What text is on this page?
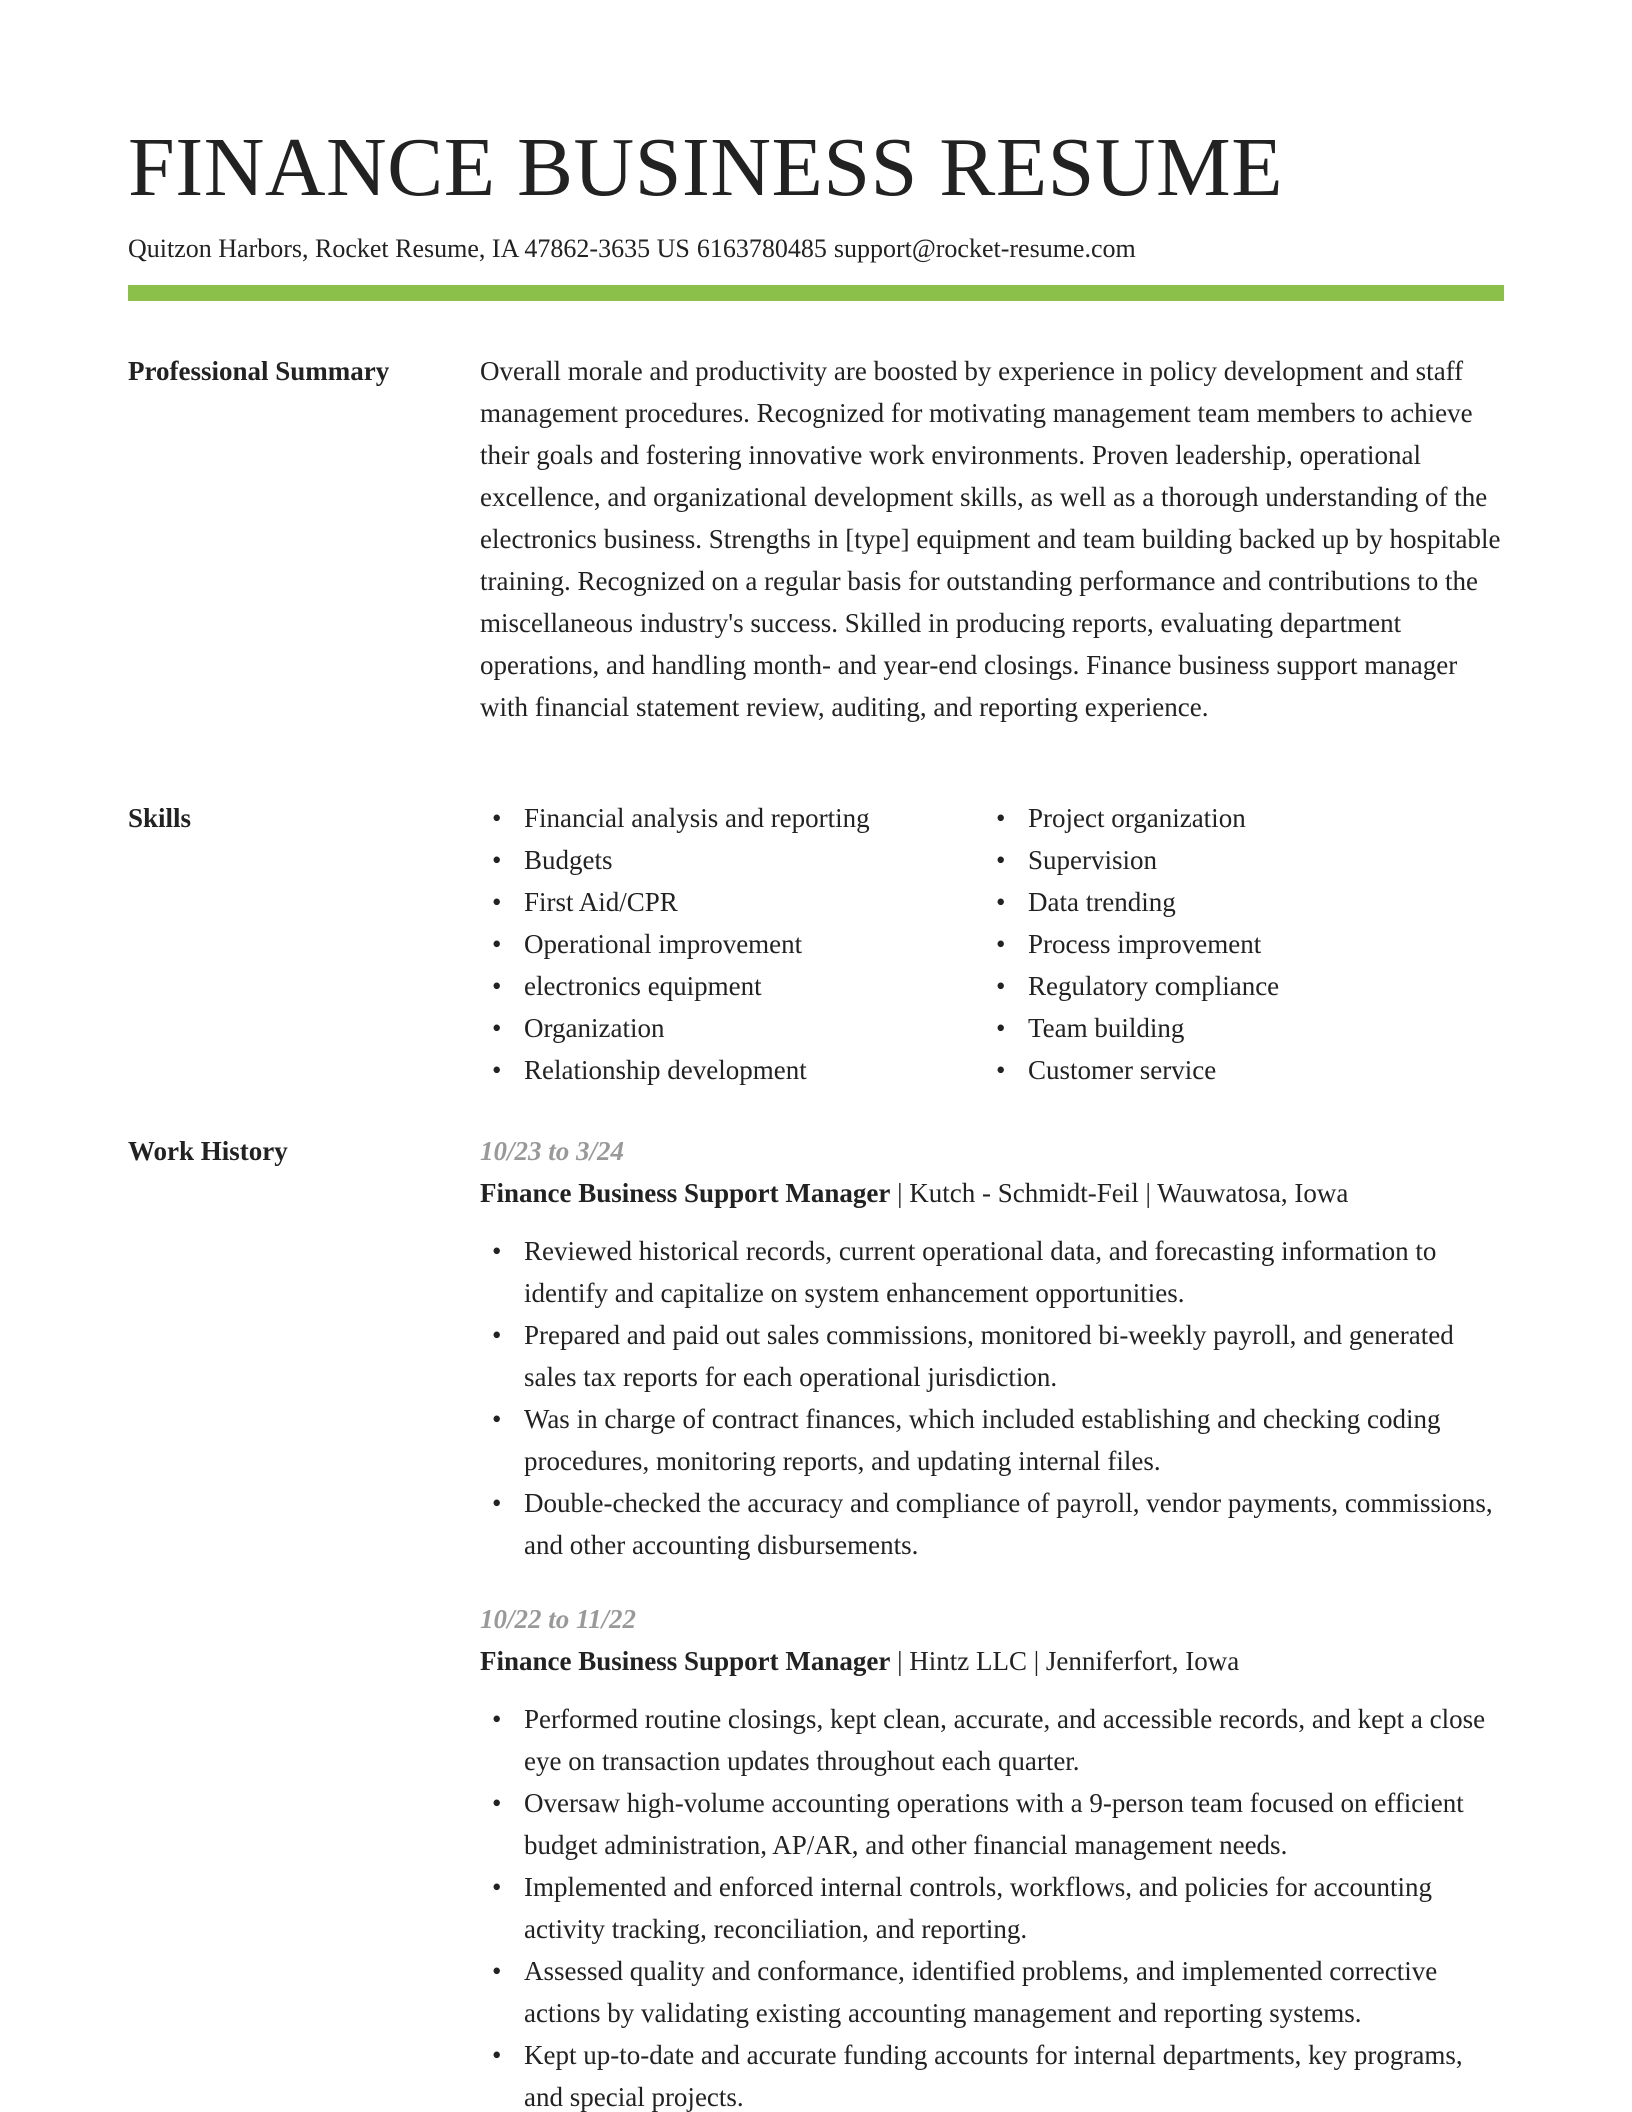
FINANCE BUSINESS RESUME
Quitzon Harbors, Rocket Resume, IA 47862-3635 US 6163780485 support@rocket-resume.com
Professional Summary	Overall morale and productivity are boosted by experience in policy development and staff management procedures. Recognized for motivating management team members to achieve their goals and fostering innovative work environments. Proven leadership, operational excellence, and organizational development skills, as well as a thorough understanding of the electronics business. Strengths in [type] equipment and team building backed up by hospitable training. Recognized on a regular basis for outstanding performance and contributions to the miscellaneous industry's success. Skilled in producing reports, evaluating department operations, and handling month- and year-end closings. Finance business support manager with financial statement review, auditing, and reporting experience.

Skills
•	Financial analysis and reporting
• Budgets
• First Aid/CPR
• Operational improvement
• electronics equipment
• Organization
• Relationship development
• Project organization
• Supervision
• Data trending
• Process improvement
• Regulatory compliance
• Team building
• Customer service
Work History	10/23 to 3/24
Finance Business Support Manager | Kutch - Schmidt-Feil | Wauwatosa, Iowa
• Reviewed historical records, current operational data, and forecasting information to identify and capitalize on system enhancement opportunities.
• Prepared and paid out sales commissions, monitored bi-weekly payroll, and generated sales tax reports for each operational jurisdiction.
• Was in charge of contract finances, which included establishing and checking coding procedures, monitoring reports, and updating internal files.
• Double-checked the accuracy and compliance of payroll, vendor payments, commissions, and other accounting disbursements.
10/22 to 11/22
Finance Business Support Manager | Hintz LLC | Jenniferfort, Iowa
• Performed routine closings, kept clean, accurate, and accessible records, and kept a close eye on transaction updates throughout each quarter.
• Oversaw high-volume accounting operations with a 9-person team focused on efficient budget administration, AP/AR, and other financial management needs.
• Implemented and enforced internal controls, workflows, and policies for accounting activity tracking, reconciliation, and reporting.
• Assessed quality and conformance, identified problems, and implemented corrective actions by validating existing accounting management and reporting systems.
• Kept up-to-date and accurate funding accounts for internal departments, key programs, and special projects.
